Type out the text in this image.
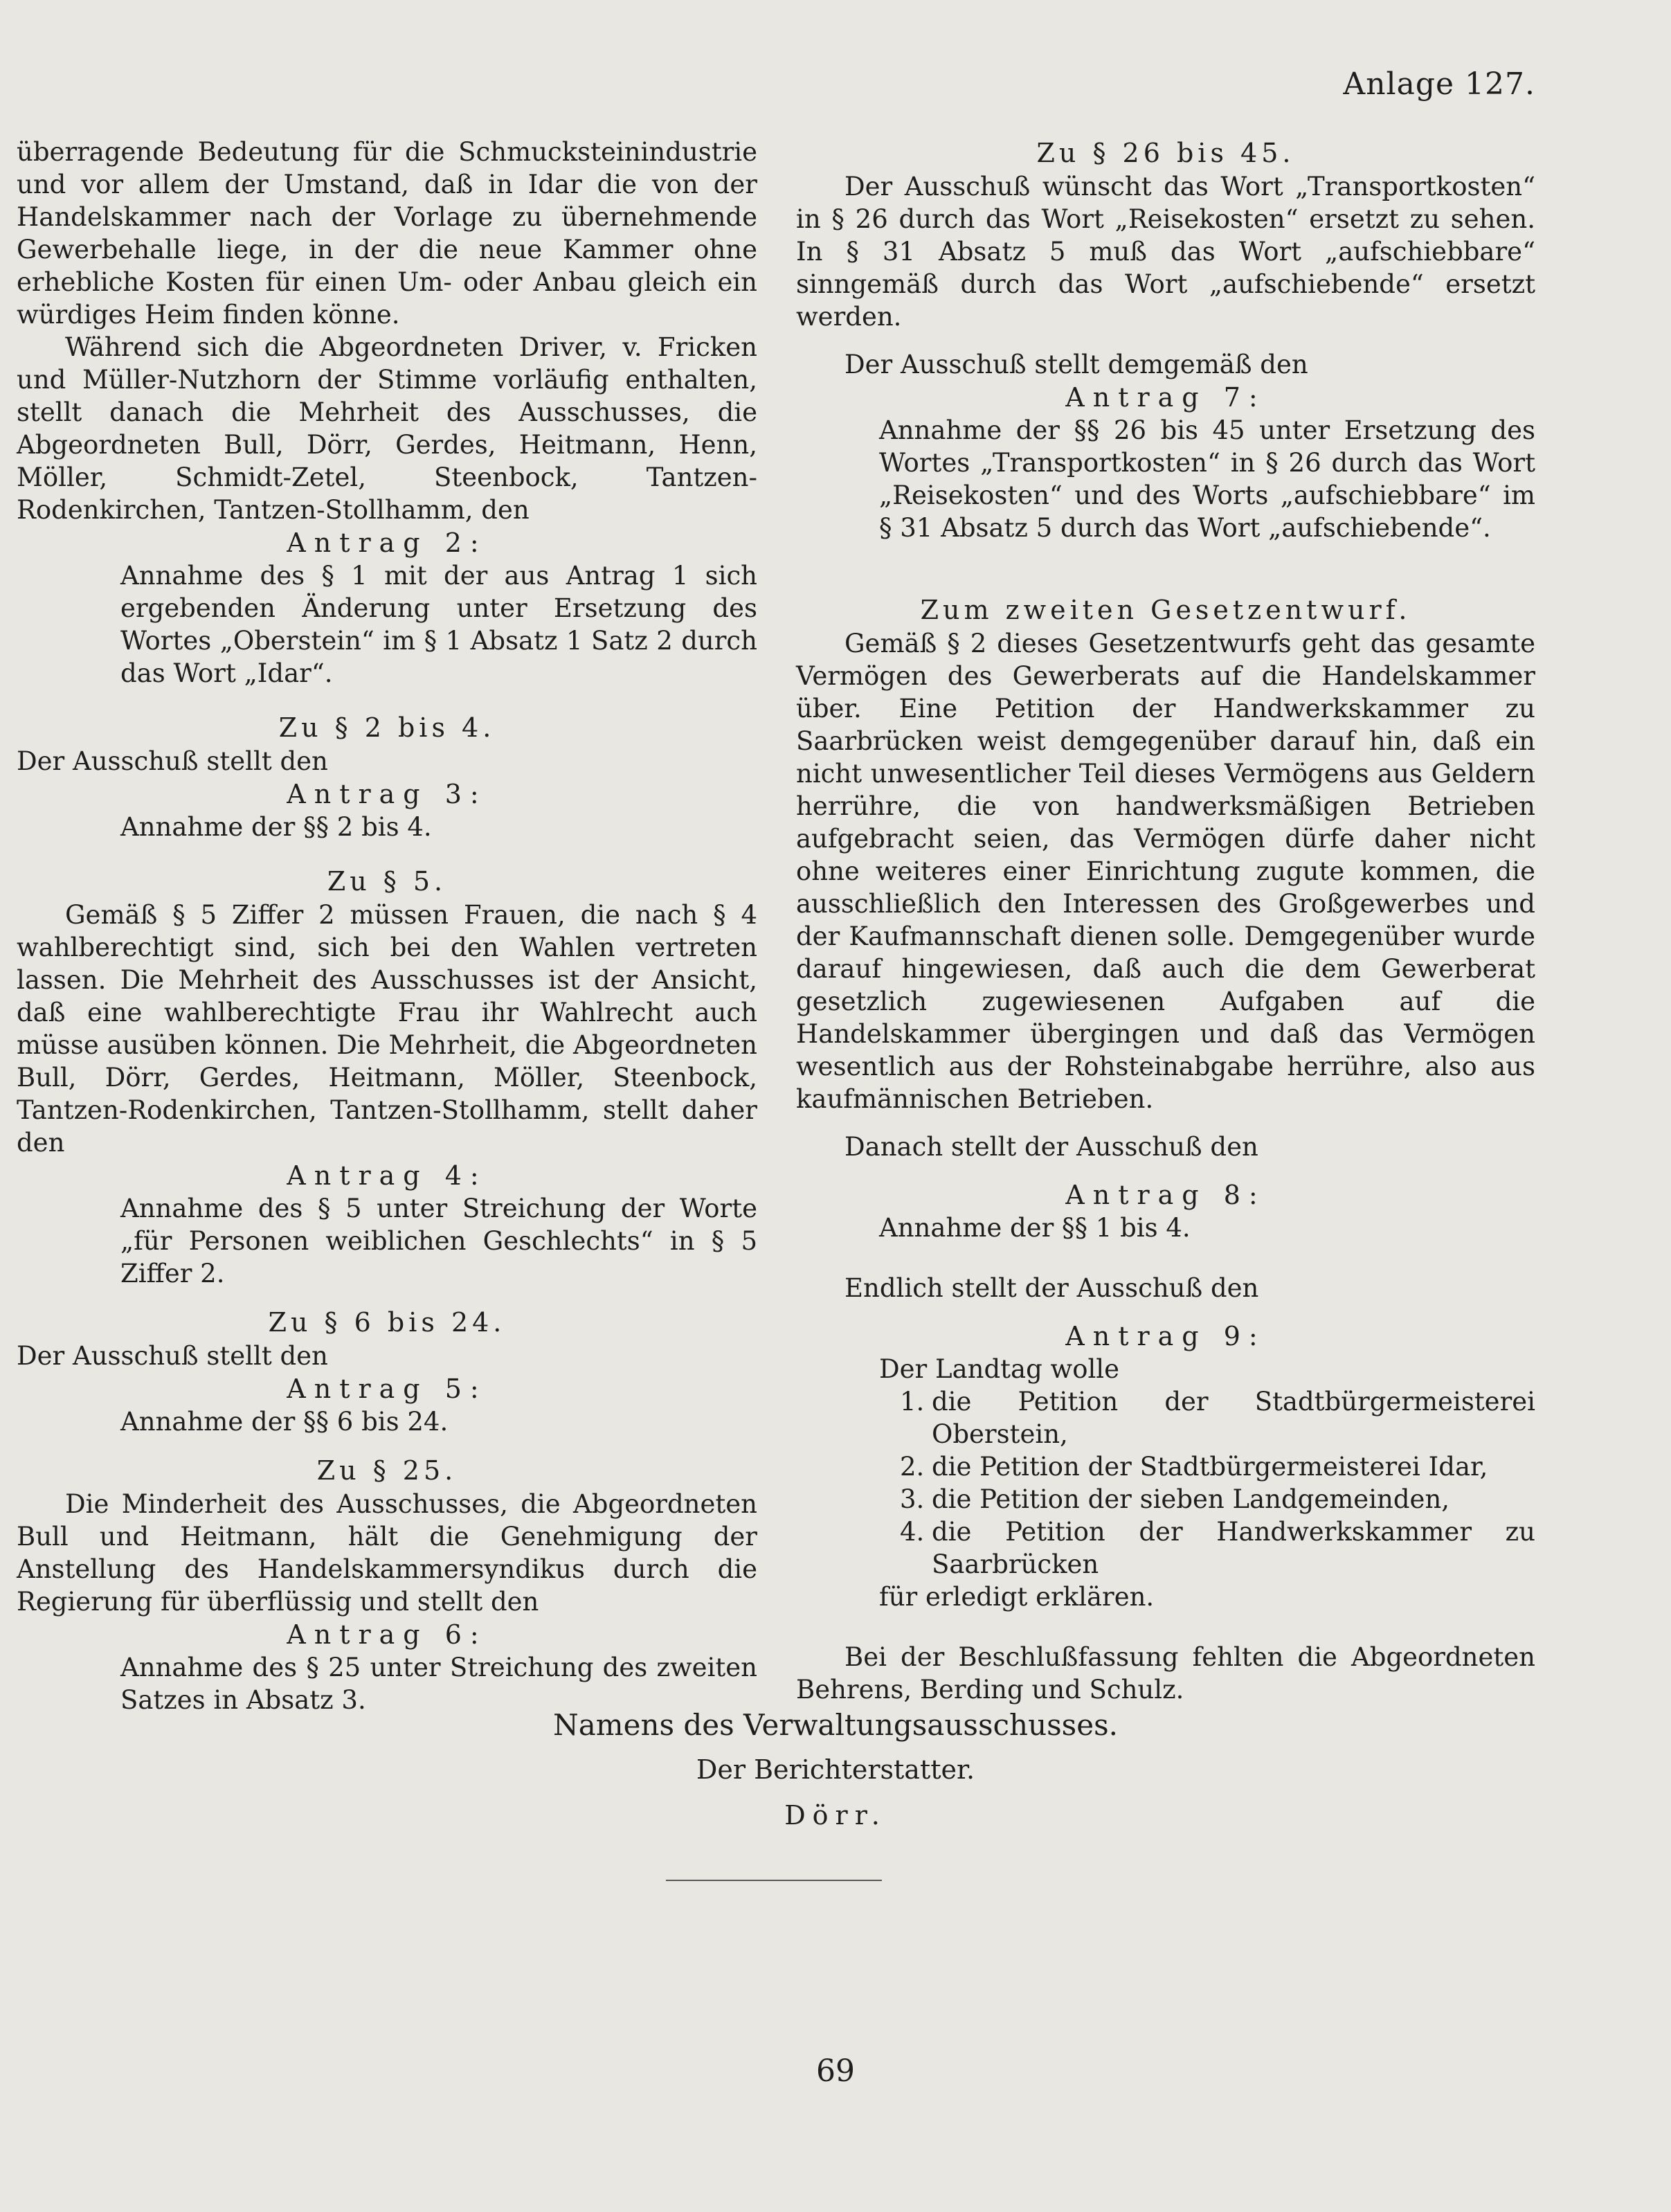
Anlage 127.

überragende Bedeutung für die Schmucksteinindustrie und vor allem der Umstand, daß in Idar die von der Handelskammer nach der Vorlage zu übernehmende Gewerbehalle liege, in der die neue Kammer ohne erhebliche Kosten für einen Um- oder Anbau gleich ein würdiges Heim finden könne.

Während sich die Abgeordneten Driver, v. Fricken und Müller-Nutzhorn der Stimme vorläufig enthalten, stellt danach die Mehrheit des Ausschusses, die Abgeordneten Bull, Dörr, Gerdes, Heitmann, Henn, Möller, Schmidt-Zetel, Steenbock, Tantzen-Rodenkirchen, Tantzen-Stollhamm, den

Antrag 2:
Annahme des § 1 mit der aus Antrag 1 sich ergebenden Änderung unter Ersetzung des Wortes „Oberstein“ im § 1 Absatz 1 Satz 2 durch das Wort „Idar“.
Zu § 2 bis 4.

Der Ausschuß stellt den

Antrag 3:
Annahme der §§ 2 bis 4.
Zu § 5.

Gemäß § 5 Ziffer 2 müssen Frauen, die nach § 4 wahlberechtigt sind, sich bei den Wahlen vertreten lassen. Die Mehrheit des Ausschusses ist der Ansicht, daß eine wahlberechtigte Frau ihr Wahlrecht auch müsse ausüben können. Die Mehrheit, die Abgeordneten Bull, Dörr, Gerdes, Heitmann, Möller, Steenbock, Tantzen-Rodenkirchen, Tantzen-Stollhamm, stellt daher den

Antrag 4:
Annahme des § 5 unter Streichung der Worte „für Personen weiblichen Geschlechts“ in § 5 Ziffer 2.
Zu § 6 bis 24.

Der Ausschuß stellt den

Antrag 5:
Annahme der §§ 6 bis 24.
Zu § 25.

Die Minderheit des Ausschusses, die Abgeordneten Bull und Heitmann, hält die Genehmigung der Anstellung des Handelskammersyndikus durch die Regierung für überflüssig und stellt den

Antrag 6:
Annahme des § 25 unter Streichung des zweiten Satzes in Absatz 3.
Zu § 26 bis 45.

Der Ausschuß wünscht das Wort „Transportkosten“ in § 26 durch das Wort „Reisekosten“ ersetzt zu sehen. In § 31 Absatz 5 muß das Wort „aufschiebbare“ sinngemäß durch das Wort „aufschiebende“ ersetzt werden.

Der Ausschuß stellt demgemäß den

Antrag 7:
Annahme der §§ 26 bis 45 unter Ersetzung des Wortes „Transportkosten“ in § 26 durch das Wort „Reisekosten“ und des Worts „aufschiebbare“ im § 31 Absatz 5 durch das Wort „aufschiebende“.
Zum zweiten Gesetzentwurf.

Gemäß § 2 dieses Gesetzentwurfs geht das gesamte Vermögen des Gewerberats auf die Handelskammer über. Eine Petition der Handwerkskammer zu Saarbrücken weist demgegenüber darauf hin, daß ein nicht unwesentlicher Teil dieses Vermögens aus Geldern herrühre, die von handwerksmäßigen Betrieben aufgebracht seien, das Vermögen dürfe daher nicht ohne weiteres einer Einrichtung zugute kommen, die ausschließlich den Interessen des Großgewerbes und der Kaufmannschaft dienen solle. Demgegenüber wurde darauf hingewiesen, daß auch die dem Gewerberat gesetzlich zugewiesenen Aufgaben auf die Handelskammer übergingen und daß das Vermögen wesentlich aus der Rohsteinabgabe herrühre, also aus kaufmännischen Betrieben.

Danach stellt der Ausschuß den

Antrag 8:
Annahme der §§ 1 bis 4.

Endlich stellt der Ausschuß den

Antrag 9:
Der Landtag wolle
1. die Petition der Stadtbürgermeisterei Oberstein,
2. die Petition der Stadtbürgermeisterei Idar,
3. die Petition der sieben Landgemeinden,
4. die Petition der Handwerkskammer zu Saarbrücken
für erledigt erklären.

Bei der Beschlußfassung fehlten die Abgeordneten Behrens, Berding und Schulz.

Namens des Verwaltungsausschusses.
Der Berichterstatter.
Dörr.
69
